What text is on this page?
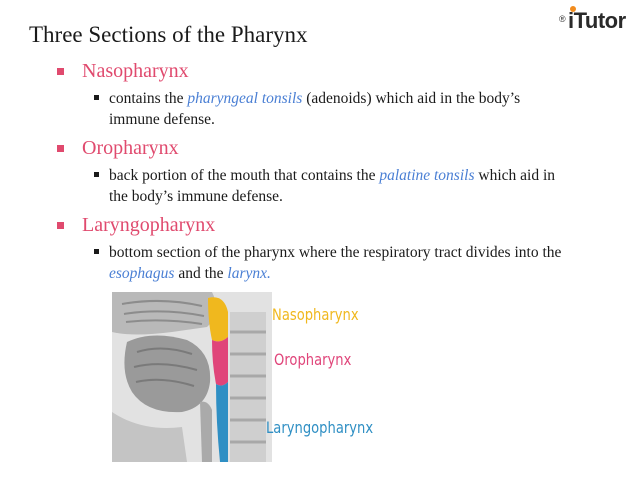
Three Sections of the Pharynx
® iTutor
Nasopharynx
contains the pharyngeal tonsils (adenoids) which aid in the body’s immune defense.
Oropharynx
back portion of the mouth that contains the palatine tonsils which aid in the body’s immune defense.
Laryngopharynx
bottom section of the pharynx where the respiratory tract divides into the esophagus and the larynx.
Nasopharynx
Oropharynx
Laryngopharynx
